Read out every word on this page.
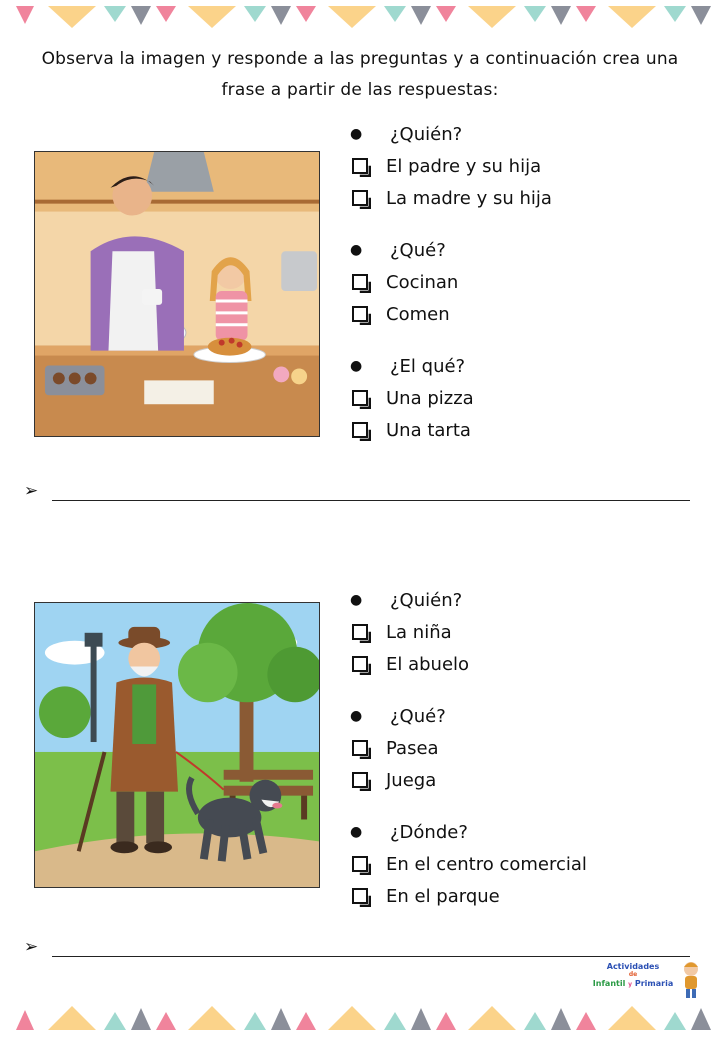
Observa la imagen y responde a las preguntas y a continuación crea una frase a partir de las respuestas:
●	¿Quién?
El padre y su hija
La madre y su hija
●	¿Qué?
Cocinan
Comen
●	¿El qué?
Una pizza
Una tarta
➢
●	¿Quién?
La niña
El abuelo
●	¿Qué?
Pasea
Juega
●	¿Dónde?
En el centro comercial
En el parque
➢
Actividades
de
Infantil y Primaria
